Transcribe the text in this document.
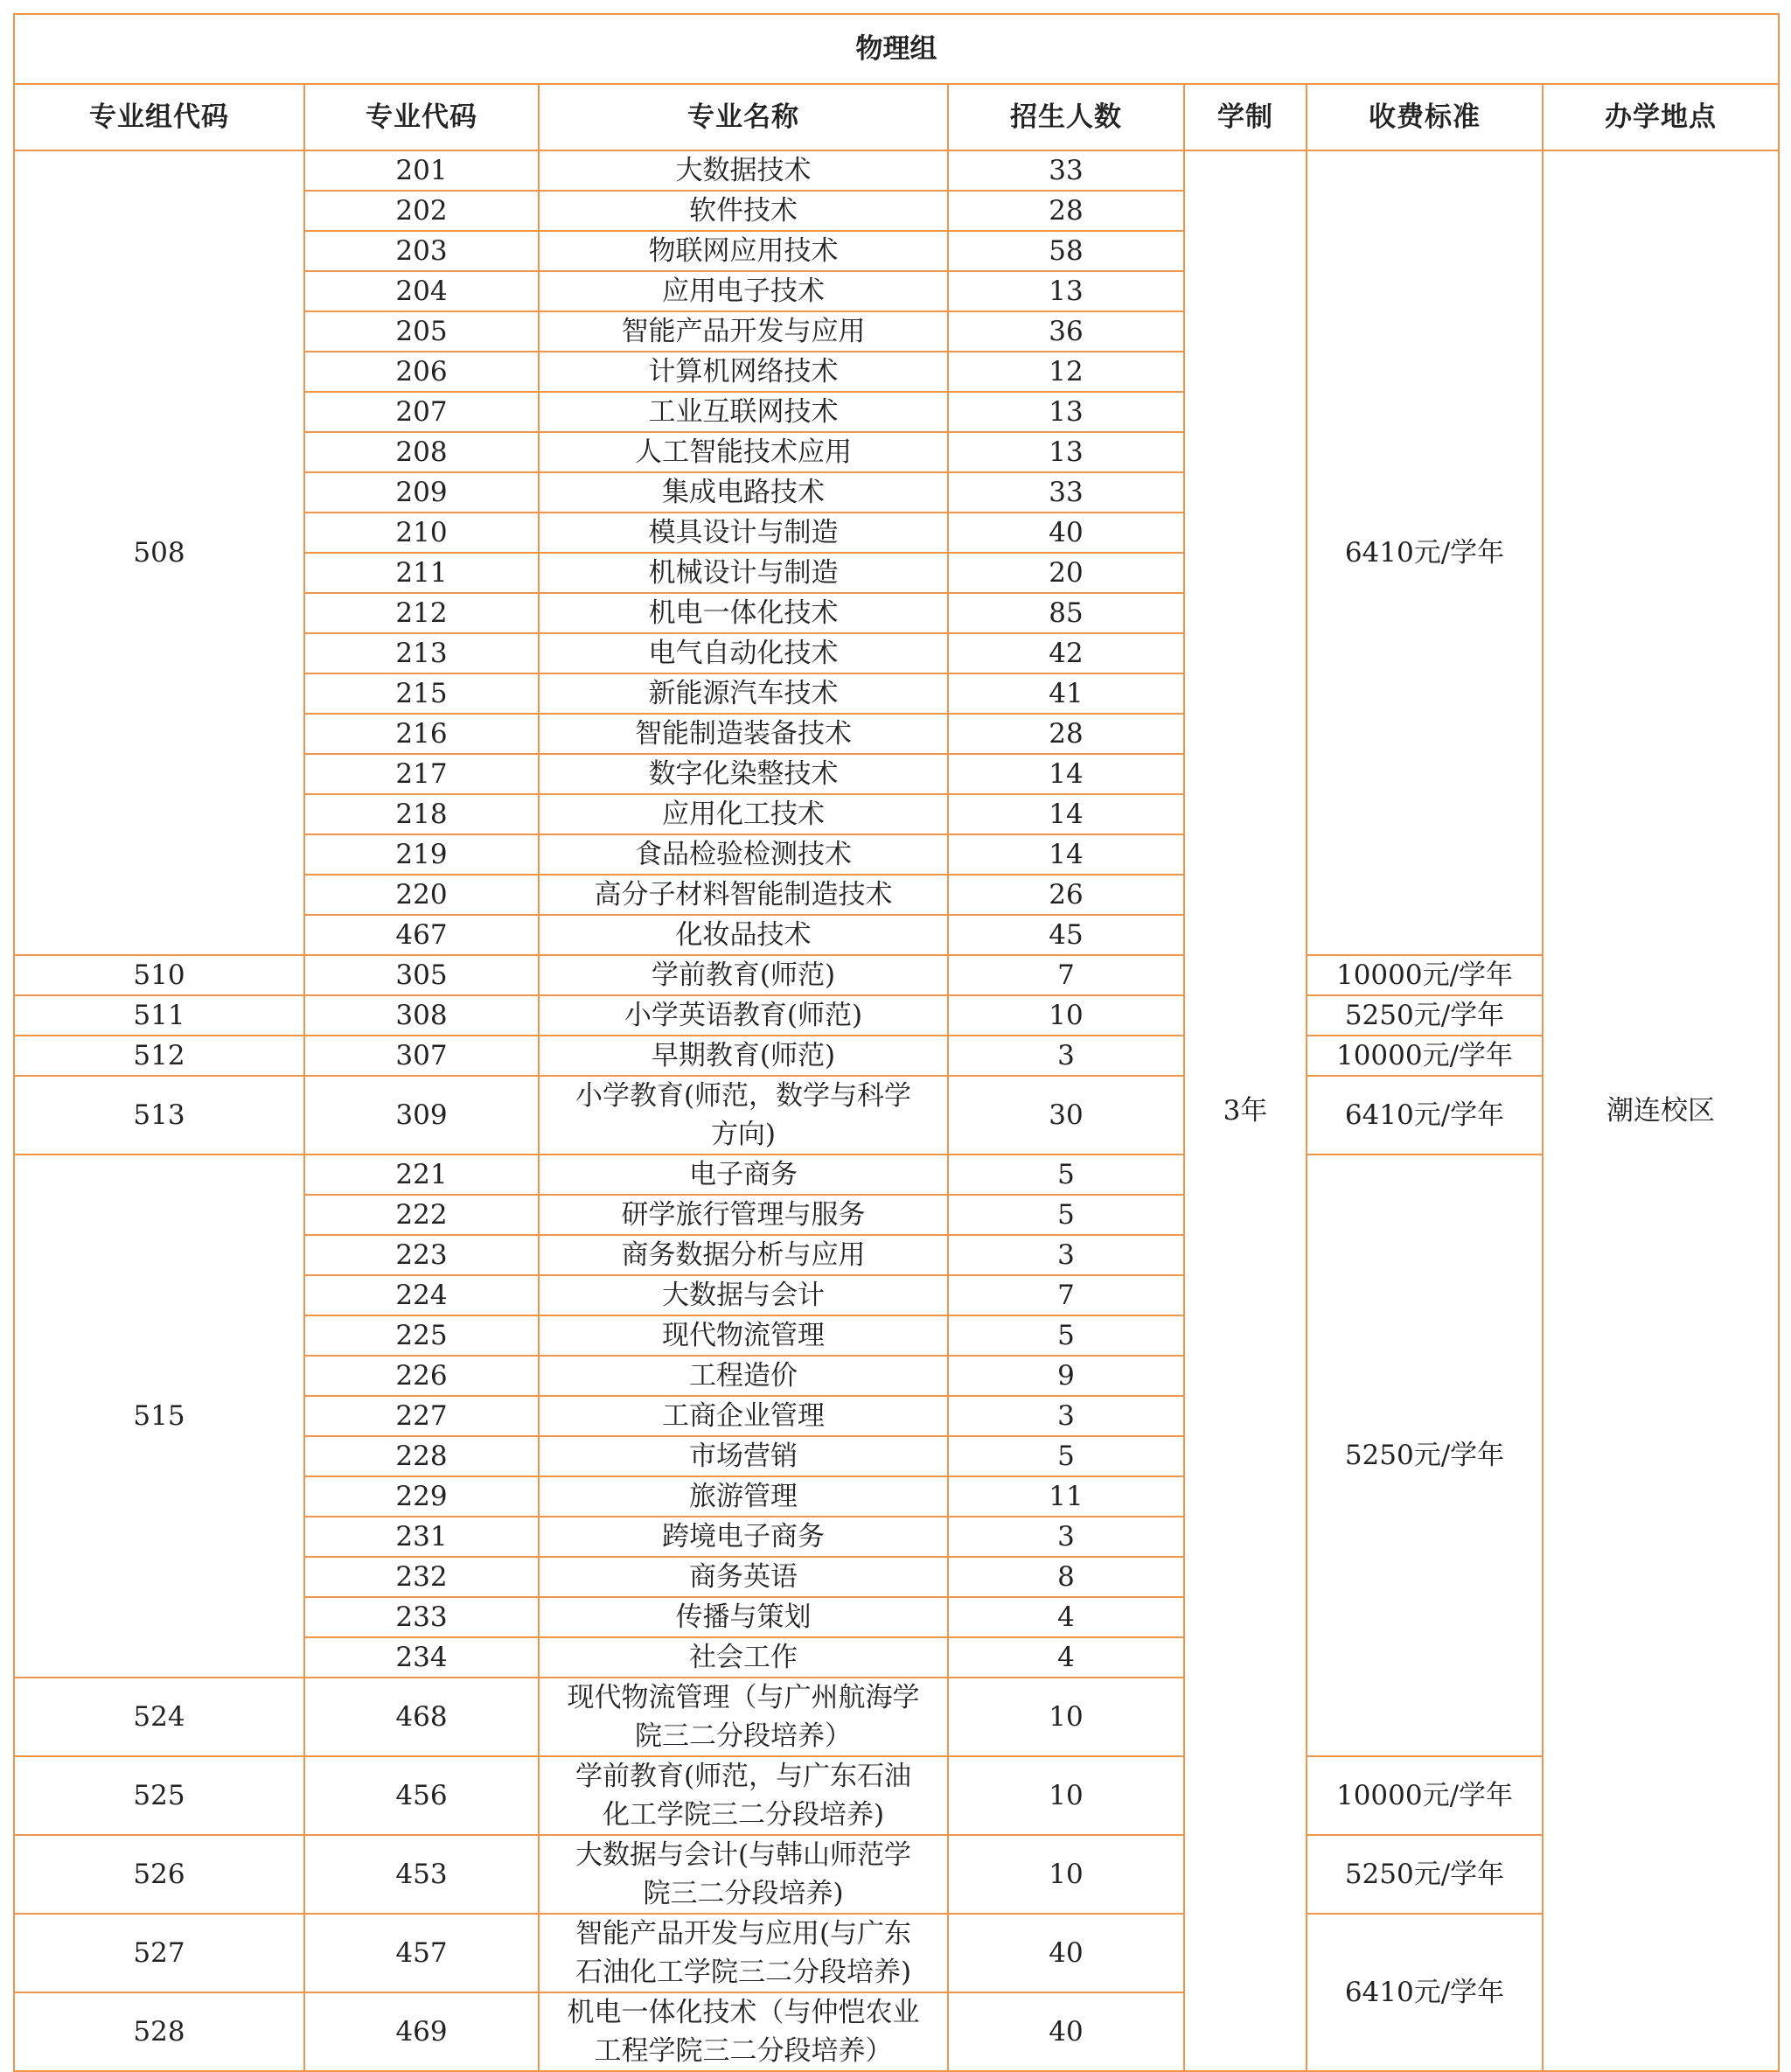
物理组						
专业组代码	专业代码	专业名称	招生人数	学制	收费标准	办学地点
508	201	大数据技术	33	3年	6410元/学年	潮连校区
	202	软件技术	28			
	203	物联网应用技术	58			
	204	应用电子技术	13			
	205	智能产品开发与应用	36			
	206	计算机网络技术	12			
	207	工业互联网技术	13			
	208	人工智能技术应用	13			
	209	集成电路技术	33			
	210	模具设计与制造	40			
	211	机械设计与制造	20			
	212	机电一体化技术	85			
	213	电气自动化技术	42			
	215	新能源汽车技术	41			
	216	智能制造装备技术	28			
	217	数字化染整技术	14			
	218	应用化工技术	14			
	219	食品检验检测技术	14			
	220	高分子材料智能制造技术	26			
	467	化妆品技术	45			
510	305	学前教育(师范)	7		10000元/学年	
511	308	小学英语教育(师范)	10		5250元/学年	
512	307	早期教育(师范)	3		10000元/学年	
513	309	小学教育(师范，数学与科学
方向)	30		6410元/学年	
515	221	电子商务	5		5250元/学年	
	222	研学旅行管理与服务	5			
	223	商务数据分析与应用	3			
	224	大数据与会计	7			
	225	现代物流管理	5			
	226	工程造价	9			
	227	工商企业管理	3			
	228	市场营销	5			
	229	旅游管理	11			
	231	跨境电子商务	3			
	232	商务英语	8			
	233	传播与策划	4			
	234	社会工作	4			
524	468	现代物流管理（与广州航海学
院三二分段培养）	10			
525	456	学前教育(师范，与广东石油
化工学院三二分段培养)	10		10000元/学年	
526	453	大数据与会计(与韩山师范学
院三二分段培养)	10		5250元/学年	
527	457	智能产品开发与应用(与广东
石油化工学院三二分段培养)	40		6410元/学年	
528	469	机电一体化技术（与仲恺农业
工程学院三二分段培养）	40			
